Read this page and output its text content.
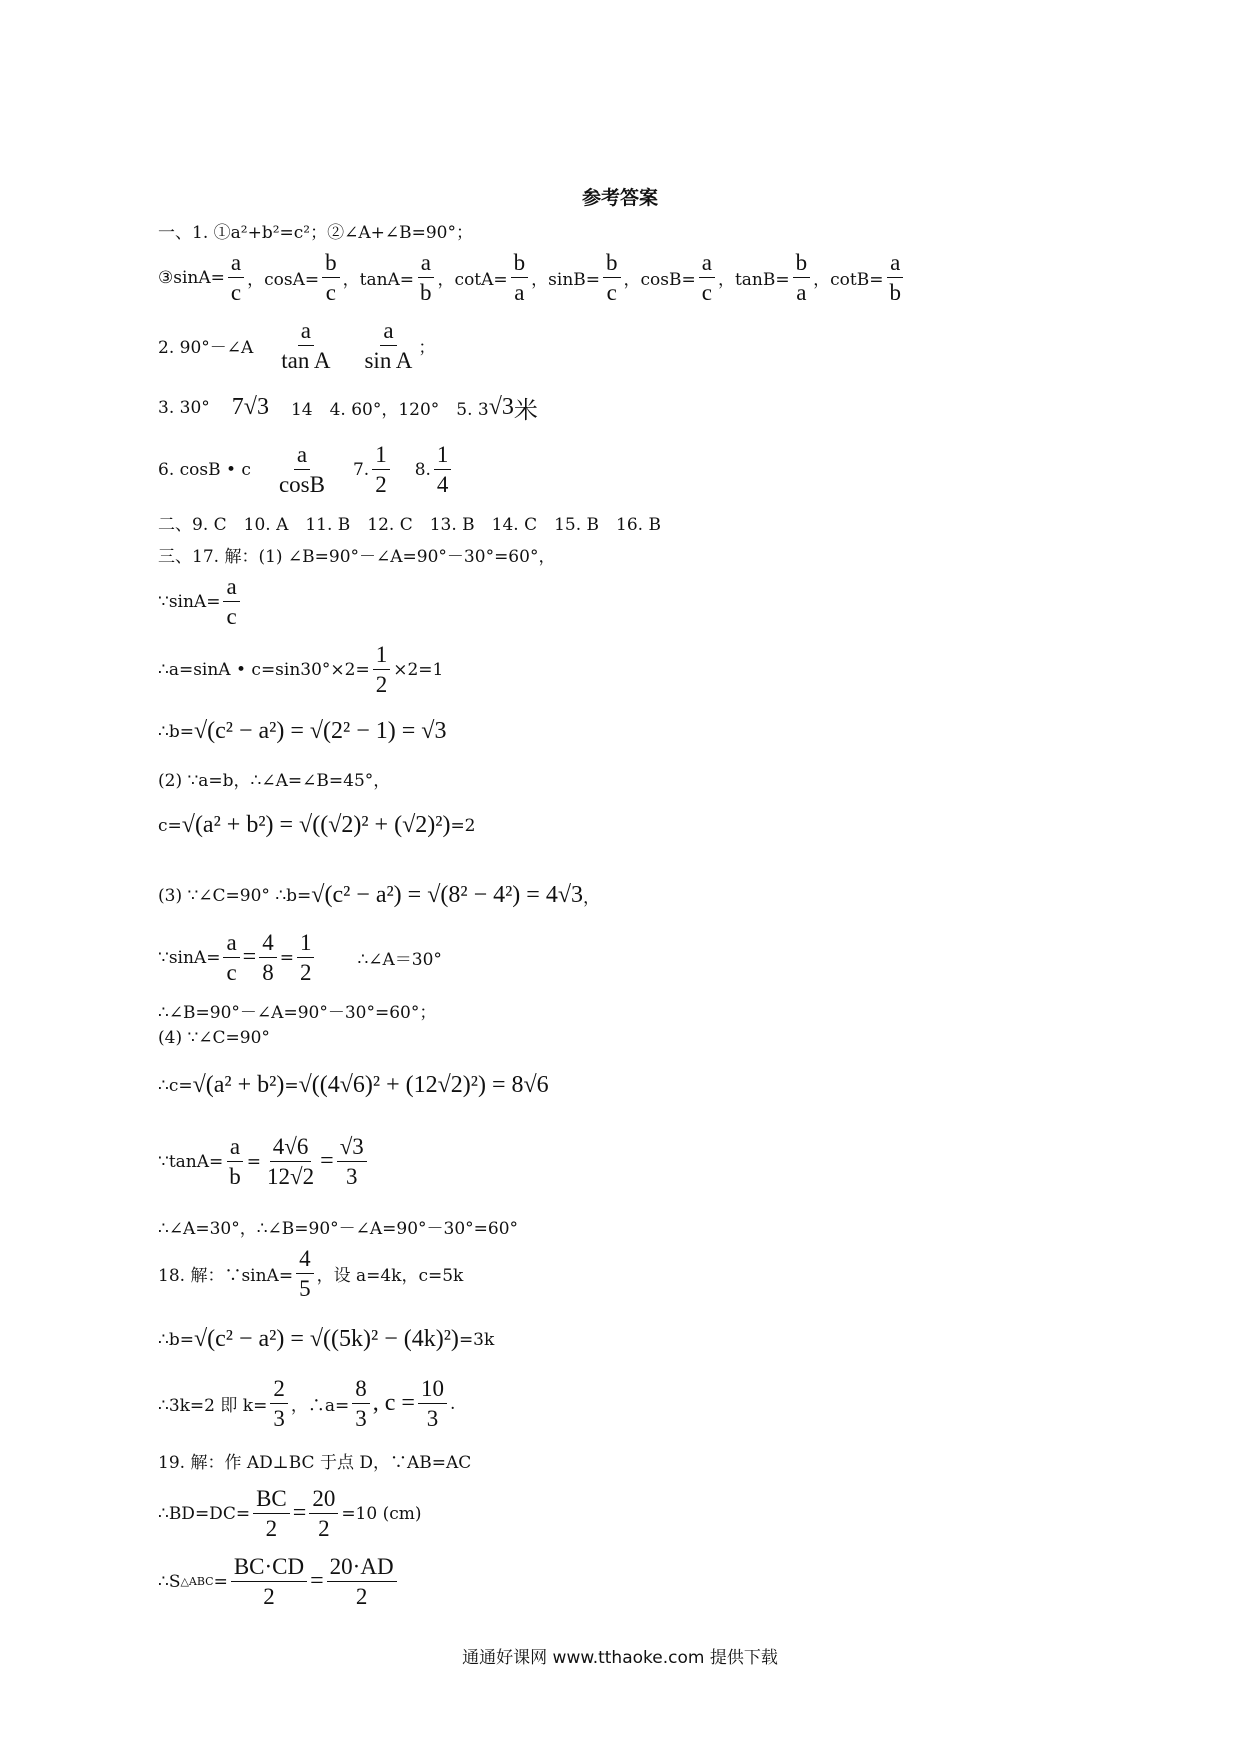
参考答案
一、1. ①a²+b²=c²；②∠A+∠B=90°；
③sinA= $\frac{a}{c}$ ，$\cos A= \frac{b}{c}$ ，$\tan A= \frac{a}{b}$ ，$\cot A= \frac{b}{a}$ ，$\sin B= \frac{b}{c}$ ，$\cos B= \frac{a}{c}$ ，$\tan B= \frac{b}{a}$ ，$\cot B= \frac{a}{b}$
2. 90°－∠A $\frac{a}{\text{tan A}} \frac{a}{\text{sin A}}$ ；
3. 30° 7√3 14　4. 60°，120°　5. 3 √3 米
6. cosB • c $\frac{a}{\cos B} 7$. $\frac{1}{2} 8$. $\frac{1}{4}$
二、9. C　10. A　11. B　12. C　13. B　14. C　15. B　16. B
三、17. 解：(1) ∠B=90°－∠A=90°－30°=60°，
∵sinA= $\frac{a}{c}$
∴a=sinA • $c=\sin 30^\circ\times 2= \frac{1}{2} \times 2=1$
∴b= √(c² − a²) = √(2² − 1) = √3
(2) ∵a=b，∴∠A=∠B=45°，
c= √(a² + b²) = √((√2)² + (√2)²) =2
(3) ∵∠C=90° ∴b= √(c² − a²) = √(8² − 4²) = 4√3 ，
∵sinA= $\frac{a}{c} = \frac{4}{8} = \frac{1}{2}$	∴∠A＝30°
∴∠B=90°－∠A=90°－30°=60°；
(4) ∵∠C=90°
∴c= √(a² + b²) = √((4√6)² + (12√2)²) = 8√6
∵tanA= $\frac{a}{b} = \frac{4√6}{12√2} = \frac{√3}{3}$
∴∠A=30°，∴∠B=90°－∠A=90°－30°=60°
18. 解：∵sinA= $\frac{4}{5}$ ，设 a=4k，c=5k
∴b= √(c² − a²) = √((5k)² − (4k)²) =3k
∴3k=2 即 $k= \frac{2}{3}$ ，∴a= $\frac{8}{3}$ , $c = \frac{10}{3}$ .
19. 解：作 AD⊥BC 于点 D，∵AB=AC
∴BD=DC= $\frac{BC}{2} = \frac{20}{2} =10$ (cm)
∴S △ABC = $\frac{BC\cdot CD}{2} = \frac{20\cdot AD}{2}$
通通好课网 www.tthaoke.com 提供下载
